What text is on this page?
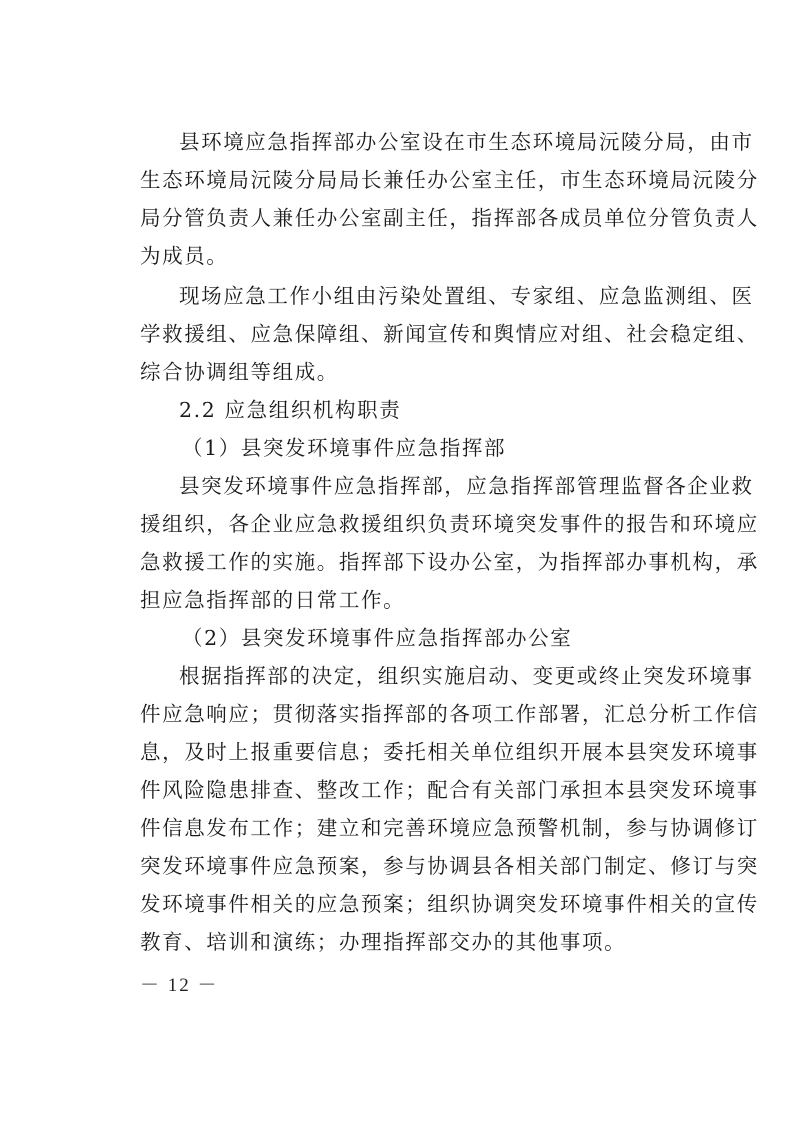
县环境应急指挥部办公室设在市生态环境局沅陵分局，由市
生态环境局沅陵分局局长兼任办公室主任，市生态环境局沅陵分
局分管负责人兼任办公室副主任，指挥部各成员单位分管负责人
为成员。
现场应急工作小组由污染处置组、专家组、应急监测组、医
学救援组、应急保障组、新闻宣传和舆情应对组、社会稳定组、
综合协调组等组成。
2.2 应急组织机构职责
（1）县突发环境事件应急指挥部
县突发环境事件应急指挥部，应急指挥部管理监督各企业救
援组织，各企业应急救援组织负责环境突发事件的报告和环境应
急救援工作的实施。指挥部下设办公室，为指挥部办事机构，承
担应急指挥部的日常工作。
（2）县突发环境事件应急指挥部办公室
根据指挥部的决定，组织实施启动、变更或终止突发环境事
件应急响应；贯彻落实指挥部的各项工作部署，汇总分析工作信
息，及时上报重要信息；委托相关单位组织开展本县突发环境事
件风险隐患排查、整改工作；配合有关部门承担本县突发环境事
件信息发布工作；建立和完善环境应急预警机制，参与协调修订
突发环境事件应急预案，参与协调县各相关部门制定、修订与突
发环境事件相关的应急预案；组织协调突发环境事件相关的宣传
教育、培训和演练；办理指挥部交办的其他事项。
－ 12 －
